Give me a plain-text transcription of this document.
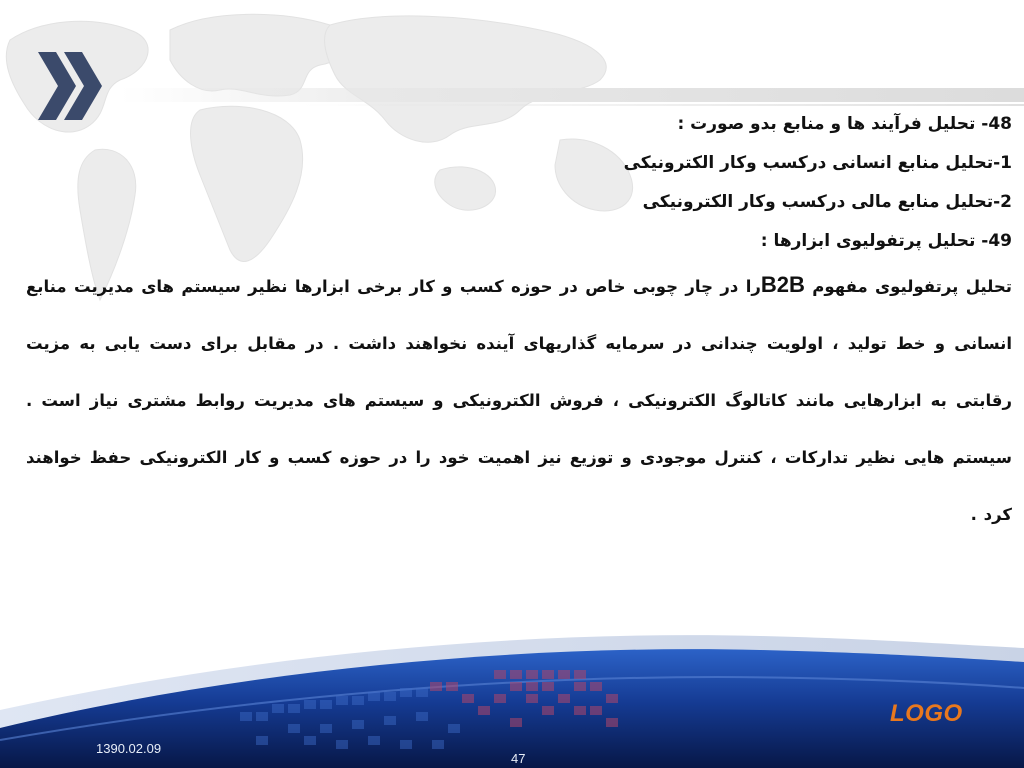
48- تحلیل فرآیند ها و منابع بدو صورت :

1-تحلیل منابع انسانی درکسب وکار الکترونیکی

2-تحلیل منابع مالی درکسب وکار الکترونیکی

49- تحلیل پرتفولیوی ابزارها :

تحلیل پرتفولیوی مفهوم B2Bرا در چار چوبی خاص در حوزه کسب و کار برخی ابزارها نظیر سیستم های مدیریت منابع انسانی و خط تولید ، اولویت چندانی در سرمایه گذاریهای آینده نخواهند داشت . در مقابل برای دست یابی به مزیت رقابتی به ابزارهایی مانند کاتالوگ الکترونیکی ، فروش الکترونیکی و سیستم های مدیریت روابط مشتری نیاز است . سیستم هایی نظیر تدارکات ، کنترل موجودی و توزیع نیز اهمیت خود را در حوزه کسب و کار الکترونیکی حفظ خواهند کرد .

LOGO
1390.02.09
47
